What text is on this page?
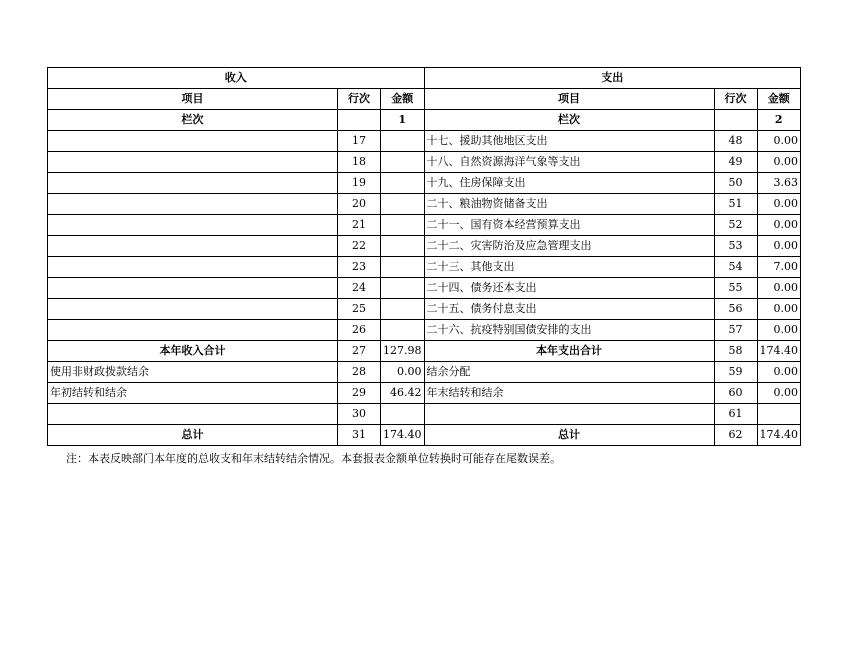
收入			支出		
项目	行次	金额	项目	行次	金额
栏次		1	栏次		2
	17		十七、援助其他地区支出	48	0.00
	18		十八、自然资源海洋气象等支出	49	0.00
	19		十九、住房保障支出	50	3.63
	20		二十、粮油物资储备支出	51	0.00
	21		二十一、国有资本经营预算支出	52	0.00
	22		二十二、灾害防治及应急管理支出	53	0.00
	23		二十三、其他支出	54	7.00
	24		二十四、债务还本支出	55	0.00
	25		二十五、债务付息支出	56	0.00
	26		二十六、抗疫特别国债安排的支出	57	0.00
本年收入合计	27	127.98	本年支出合计	58	174.40
使用非财政拨款结余	28	0.00	结余分配	59	0.00
年初结转和结余	29	46.42	年末结转和结余	60	0.00
	30			61	
总计	31	174.40	总计	62	174.40
注：本表反映部门本年度的总收支和年末结转结余情况。本套报表金额单位转换时可能存在尾数误差。
